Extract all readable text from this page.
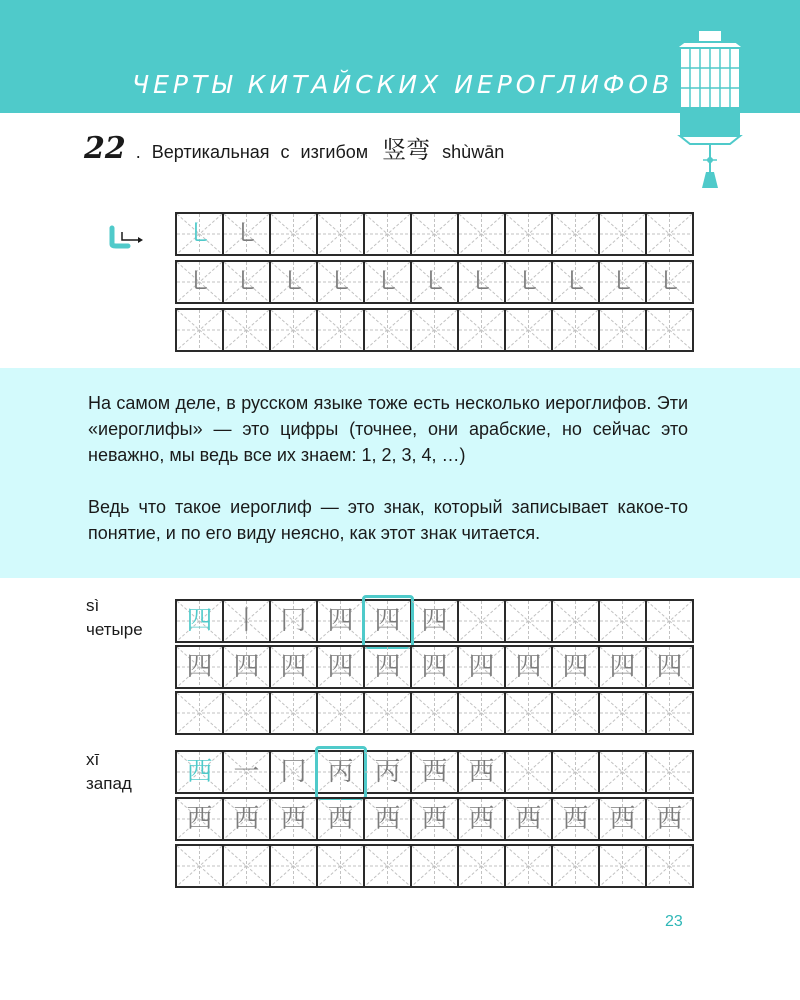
ЧЕРТЫ КИТАЙСКИХ ИЕРОГЛИФОВ
22 . Вертикальная с изгибом 竖弯 shùwān
㇄ ㇄
㇄ ㇄ ㇄ ㇄ ㇄ ㇄ ㇄ ㇄ ㇄ ㇄ ㇄

На самом деле, в русском языке тоже есть несколько иероглифов. Эти «иероглифы» — это цифры (точнее, они арабские, но сейчас это неважно, мы ведь все их знаем: 1, 2, 3, 4, …)

Ведь что такое иероглиф — это знак, который записывает какое-то понятие, и по его виду неясно, как этот знак читается.

sì
четыре	四 丨 冂 四 四 四
四 四 四 四 四 四 四 四 四 四 四
xī
запад	西 一 冂 丙 丙 西 西
西 西 西 西 西 西 西 西 西 西 西
23
